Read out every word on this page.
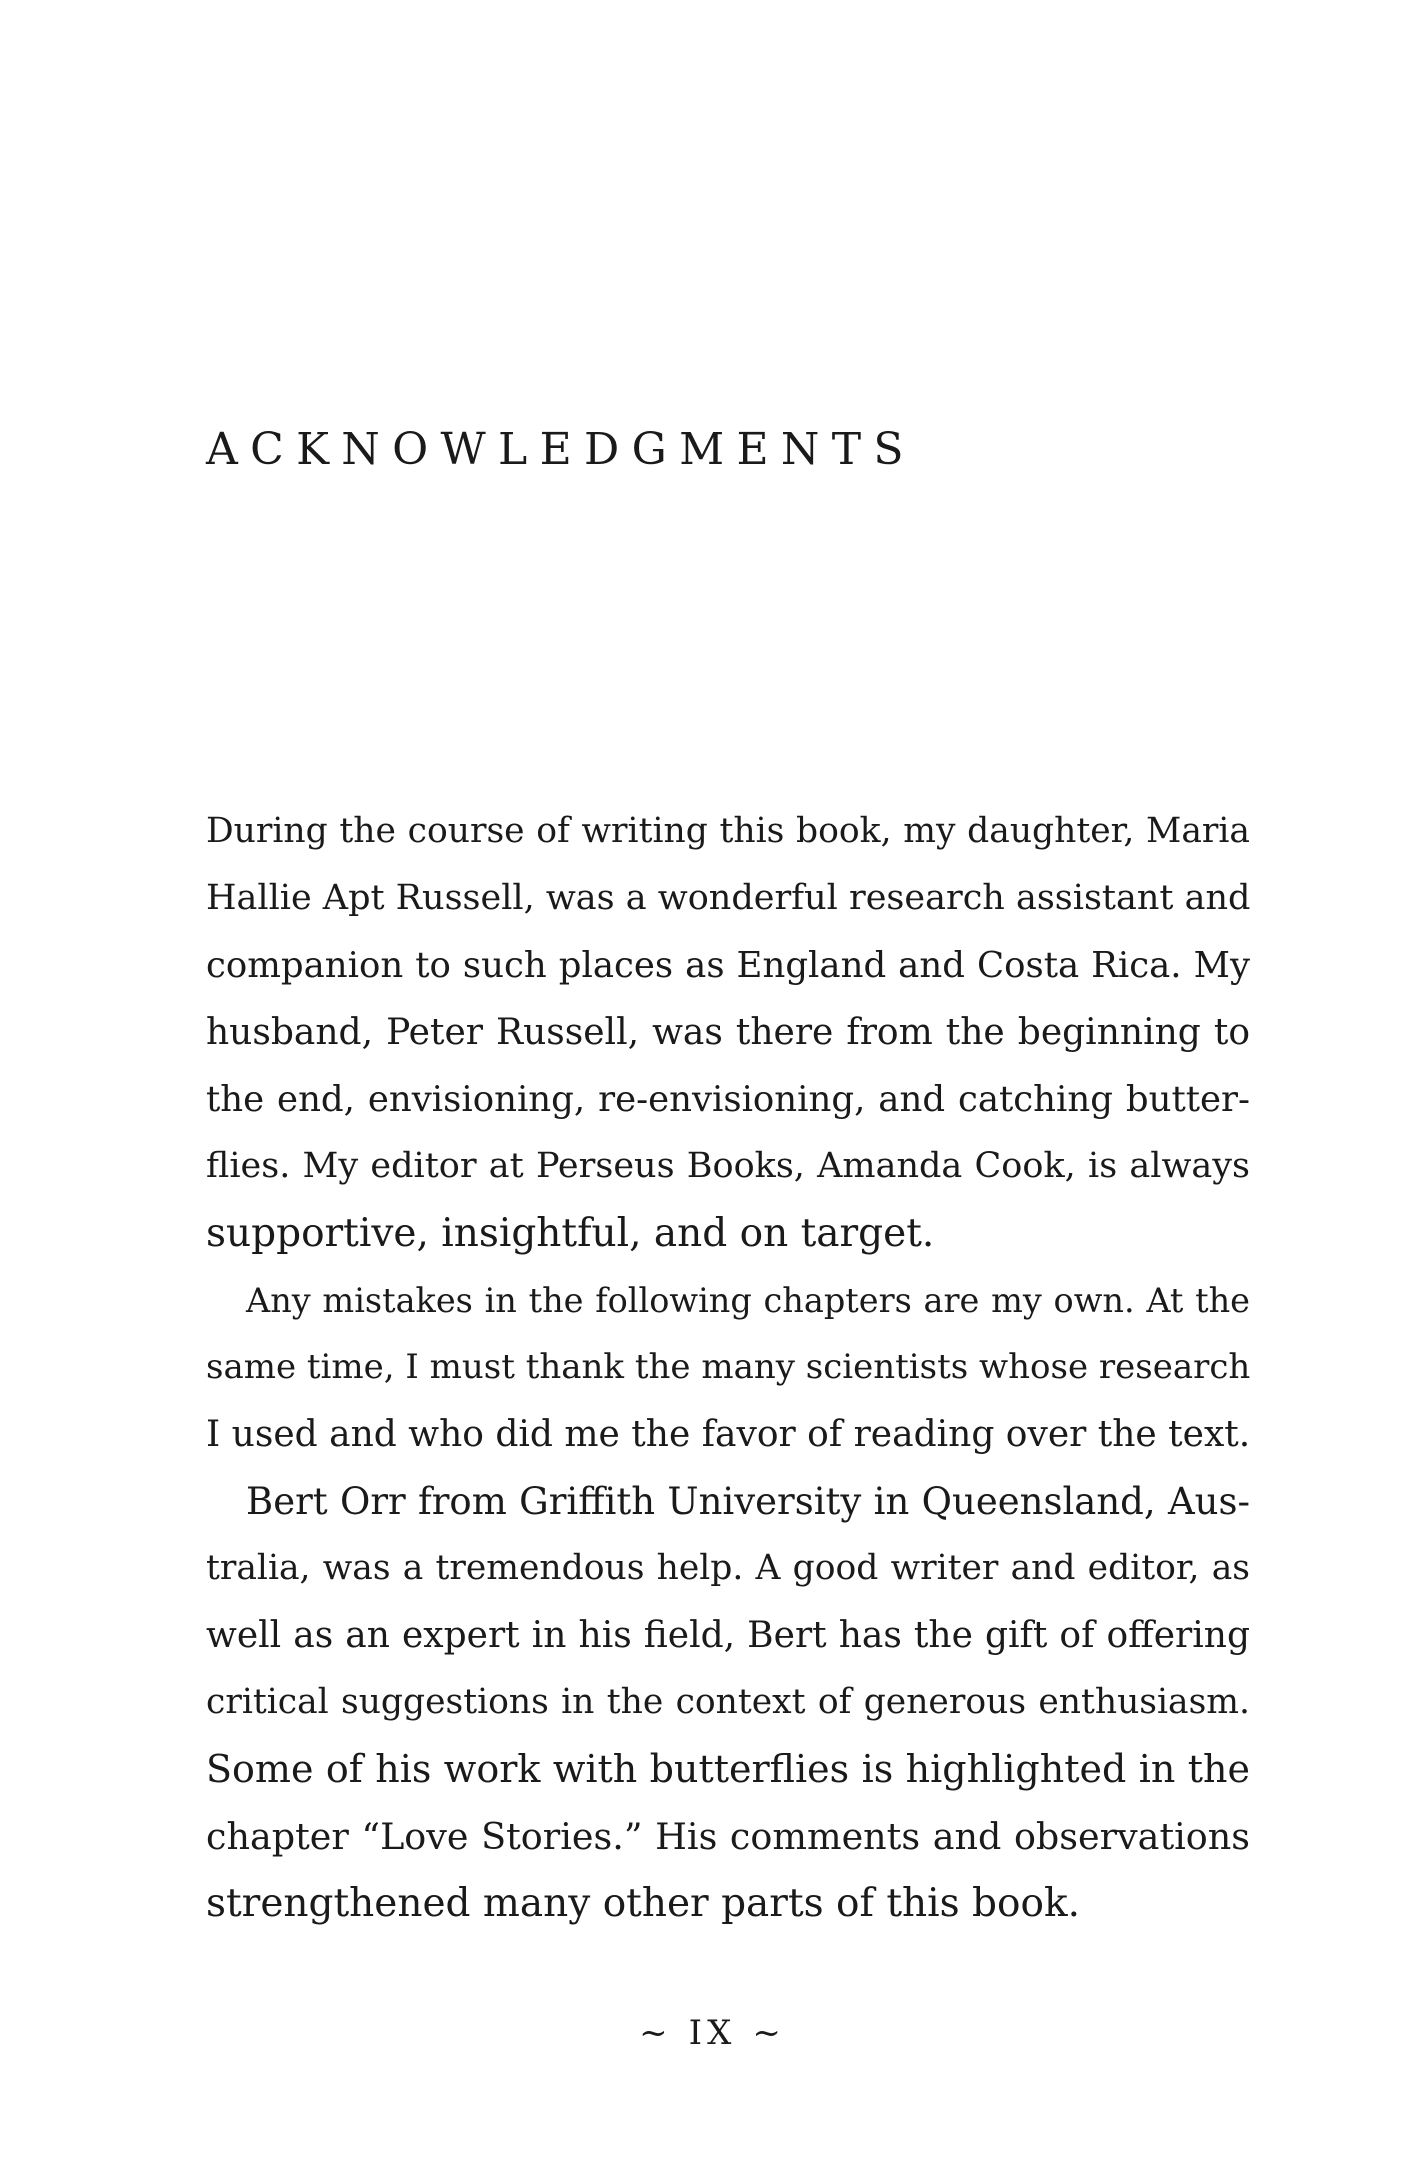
ACKNOWLEDGMENTS
During the course of writing this book, my daughter, Maria
Hallie Apt Russell, was a wonderful research assistant and
companion to such places as England and Costa Rica. My
husband, Peter Russell, was there from the beginning to
the end, envisioning, re-envisioning, and catching butter-
flies. My editor at Perseus Books, Amanda Cook, is always
supportive, insightful, and on target.
Any mistakes in the following chapters are my own. At the
same time, I must thank the many scientists whose research
I used and who did me the favor of reading over the text.
Bert Orr from Griffith University in Queensland, Aus-
tralia, was a tremendous help. A good writer and editor, as
well as an expert in his field, Bert has the gift of offering
critical suggestions in the context of generous enthusiasm.
Some of his work with butterflies is highlighted in the
chapter “Love Stories.” His comments and observations
strengthened many other parts of this book.
~ IX ~
